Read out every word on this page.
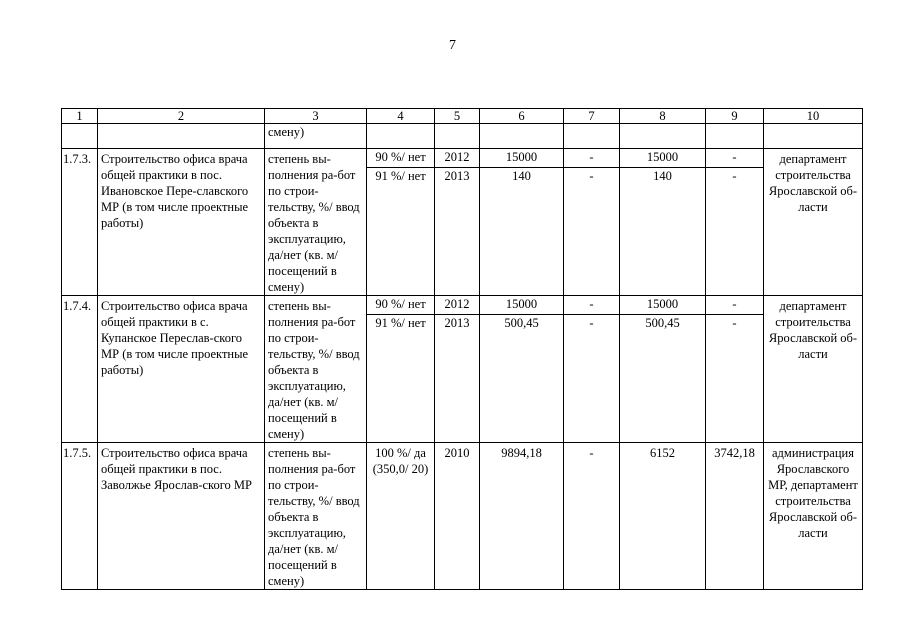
7
1	2	3	4	5	6	7	8	9	10
		смену)							
1.7.3.	Строительство офиса врача общей практики в пос. Ивановское Пере-славского МР (в том числе проектные работы)	степень вы-полнения ра-бот по строи-тельству, %/ ввод объекта в эксплуатацию, да/нет (кв. м/ посещений в смену)	90 %/ нет	2012	15000	-	15000	-	департамент строительства Ярославской об-ласти
			91 %/ нет	2013	140	-	140	-	
1.7.4.	Строительство офиса врача общей практики в с. Купанское Переслав-ского МР (в том числе проектные работы)	степень вы-полнения ра-бот по строи-тельству, %/ ввод объекта в эксплуатацию, да/нет (кв. м/ посещений в смену)	90 %/ нет	2012	15000	-	15000	-	департамент строительства Ярославской об-ласти
			91 %/ нет	2013	500,45	-	500,45	-	
1.7.5.	Строительство офиса врача общей практики в пос. Заволжье Ярослав-ского МР	степень вы-полнения ра-бот по строи-тельству, %/ ввод объекта в эксплуатацию, да/нет (кв. м/ посещений в смену)	100 %/ да (350,0/ 20)	2010	9894,18	-	6152	3742,18	администрация Ярославского МР, департамент строительства Ярославской об-ласти
